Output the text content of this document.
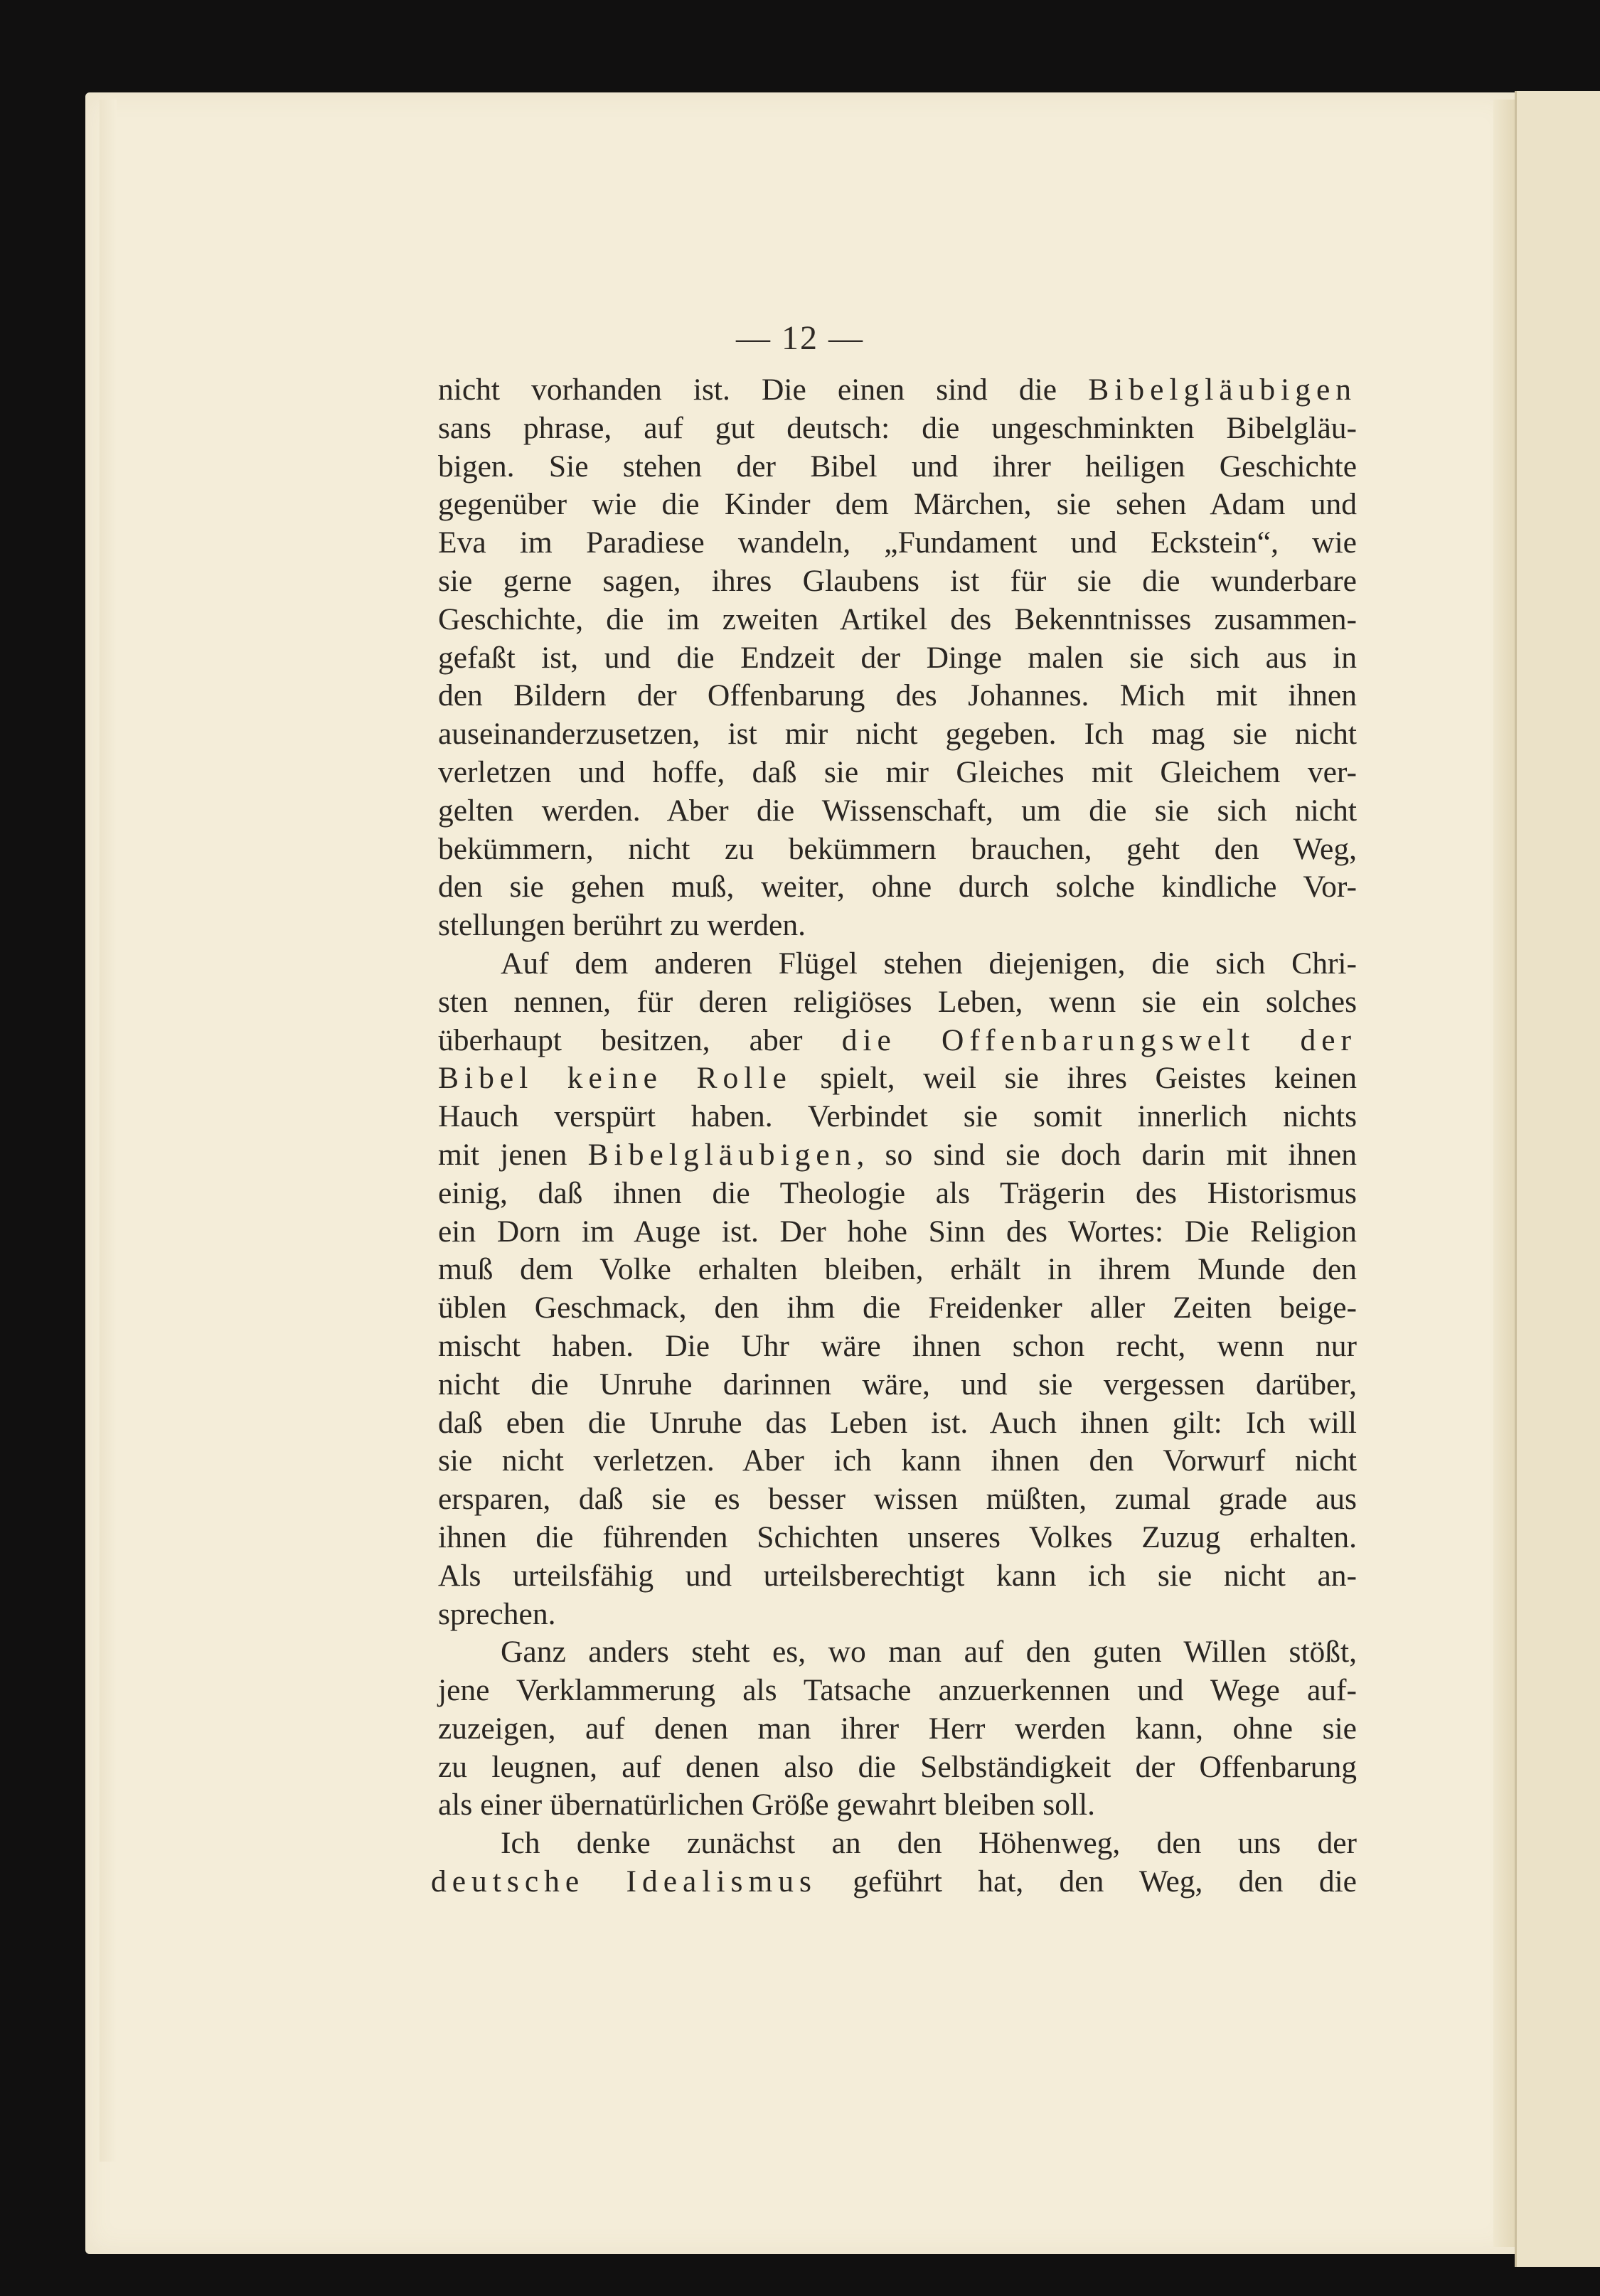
— 12 —
nicht vorhanden ist. Die einen sind die Bibelgläubigen
sans phrase, auf gut deutsch: die ungeschminkten Bibelgläu-
bigen. Sie stehen der Bibel und ihrer heiligen Geschichte
gegenüber wie die Kinder dem Märchen, sie sehen Adam und
Eva im Paradiese wandeln, „Fundament und Eckstein“, wie
sie gerne sagen, ihres Glaubens ist für sie die wunderbare
Geschichte, die im zweiten Artikel des Bekenntnisses zusammen-
gefaßt ist, und die Endzeit der Dinge malen sie sich aus in
den Bildern der Offenbarung des Johannes. Mich mit ihnen
auseinanderzusetzen, ist mir nicht gegeben. Ich mag sie nicht
verletzen und hoffe, daß sie mir Gleiches mit Gleichem ver-
gelten werden. Aber die Wissenschaft, um die sie sich nicht
bekümmern, nicht zu bekümmern brauchen, geht den Weg,
den sie gehen muß, weiter, ohne durch solche kindliche Vor-
stellungen berührt zu werden.
Auf dem anderen Flügel stehen diejenigen, die sich Chri-
sten nennen, für deren religiöses Leben, wenn sie ein solches
überhaupt besitzen, aber die Offenbarungswelt der
Bibel keine Rolle spielt, weil sie ihres Geistes keinen
Hauch verspürt haben. Verbindet sie somit innerlich nichts
mit jenen Bibelgläubigen, so sind sie doch darin mit ihnen
einig, daß ihnen die Theologie als Trägerin des Historismus
ein Dorn im Auge ist. Der hohe Sinn des Wortes: Die Religion
muß dem Volke erhalten bleiben, erhält in ihrem Munde den
üblen Geschmack, den ihm die Freidenker aller Zeiten beige-
mischt haben. Die Uhr wäre ihnen schon recht, wenn nur
nicht die Unruhe darinnen wäre, und sie vergessen darüber,
daß eben die Unruhe das Leben ist. Auch ihnen gilt: Ich will
sie nicht verletzen. Aber ich kann ihnen den Vorwurf nicht
ersparen, daß sie es besser wissen müßten, zumal grade aus
ihnen die führenden Schichten unseres Volkes Zuzug erhalten.
Als urteilsfähig und urteilsberechtigt kann ich sie nicht an-
sprechen.
Ganz anders steht es, wo man auf den guten Willen stößt,
jene Verklammerung als Tatsache anzuerkennen und Wege auf-
zuzeigen, auf denen man ihrer Herr werden kann, ohne sie
zu leugnen, auf denen also die Selbständigkeit der Offenbarung
als einer übernatürlichen Größe gewahrt bleiben soll.
Ich denke zunächst an den Höhenweg, den uns der
deutsche Idealismus geführt hat, den Weg, den die
